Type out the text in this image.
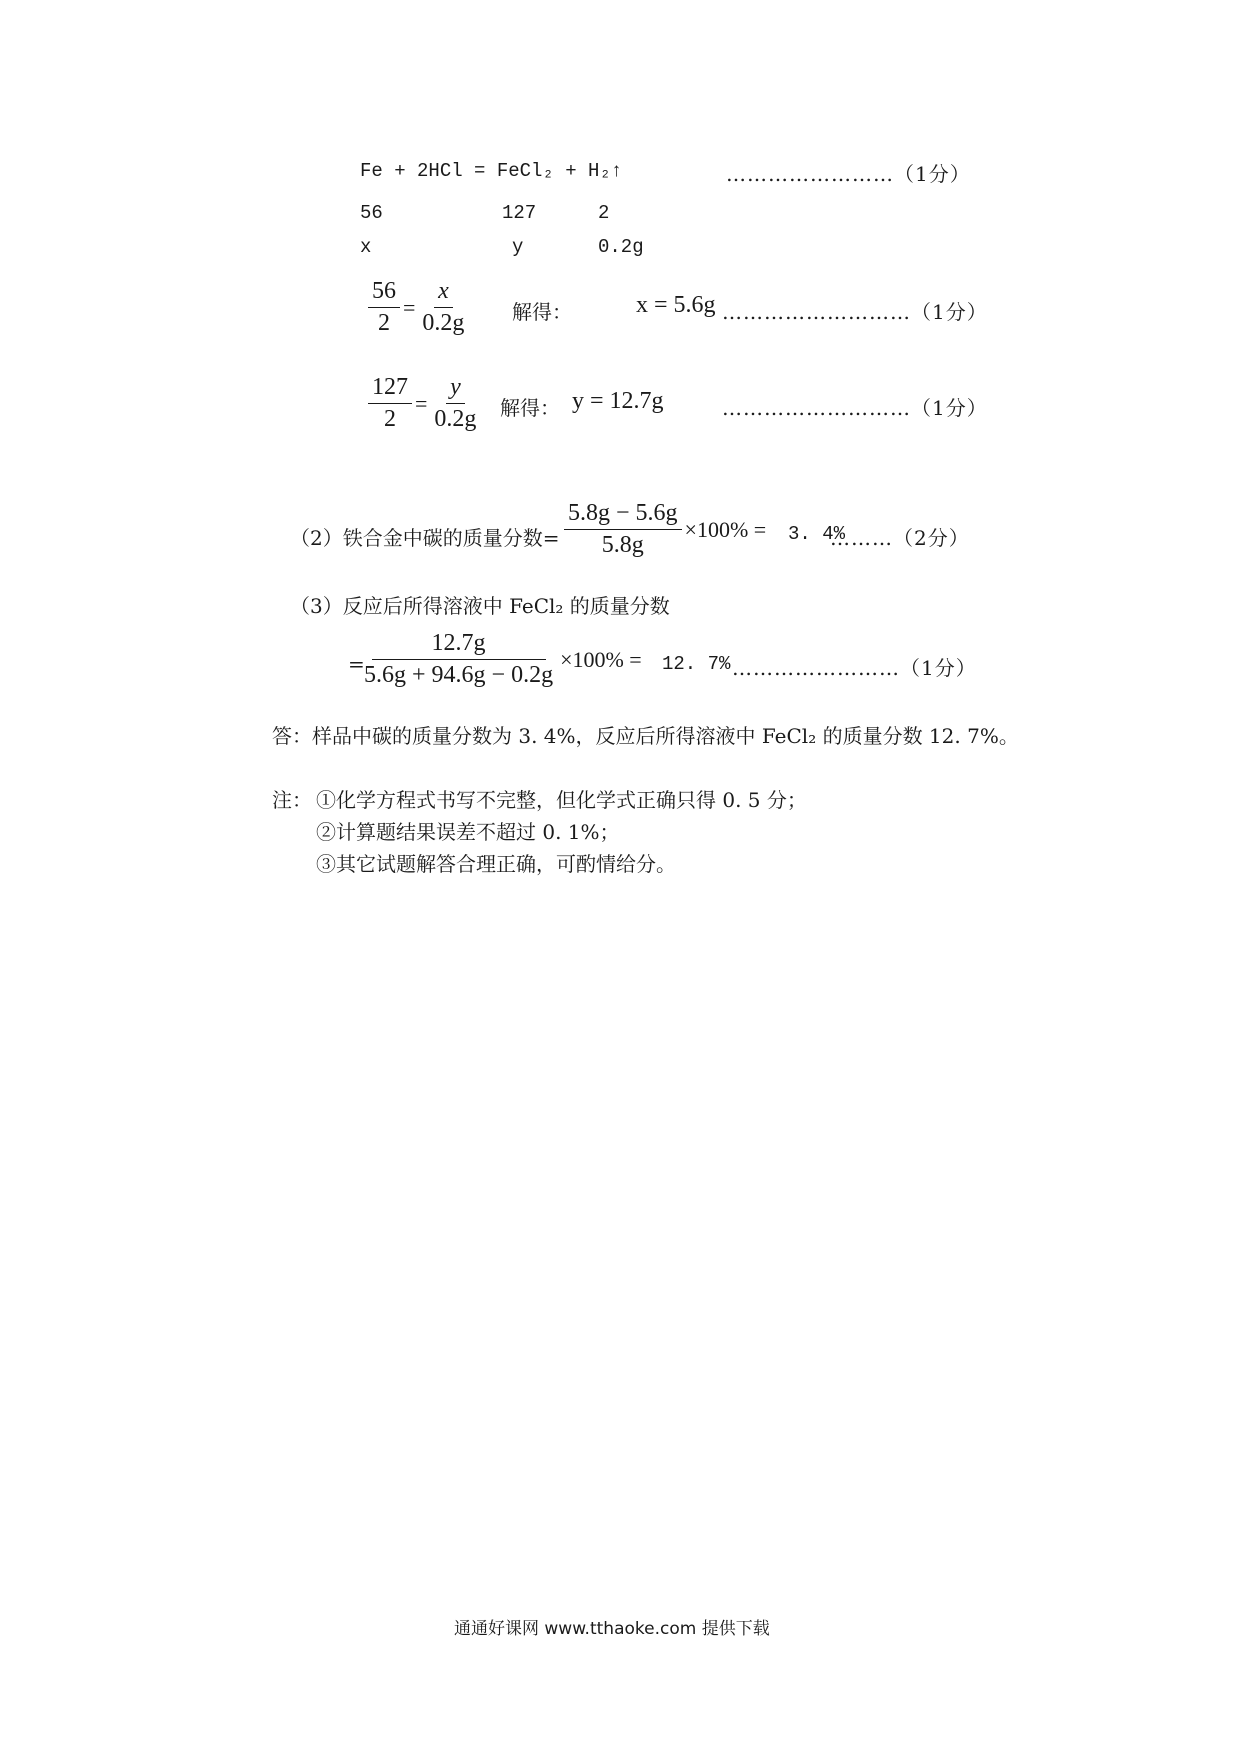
Fe + 2HCl = FeCl₂ + H₂↑	……………………（1分）
56	127	2
x	y	0.2g
$\frac{56}{2} = \frac{x}{0.2g}$ 解得：	x = 5.6g ………………………（1分）
$\frac{127}{2} = \frac{y}{0.2g}$ 解得： y = 12.7g	………………………（1分）
（2）铁合金中碳的质量分数= $\frac{5.8g - 5.6g}{5.8g} \times 100\% = 3$. 4%
………（2分）
（3）反应后所得溶液中 FeCl₂ 的质量分数
=
$\frac{12.7g}{5.6g + 94.6g - 0.2g} \times 100\% = 12$. 7% ……………………（1分）
答：样品中碳的质量分数为 3. 4%，反应后所得溶液中 FeCl₂ 的质量分数 12. 7%。
注： ①化学方程式书写不完整，但化学式正确只得 0. 5 分；
②计算题结果误差不超过 0. 1%；
③其它试题解答合理正确，可酌情给分。
通通好课网 www.tthaoke.com 提供下载
